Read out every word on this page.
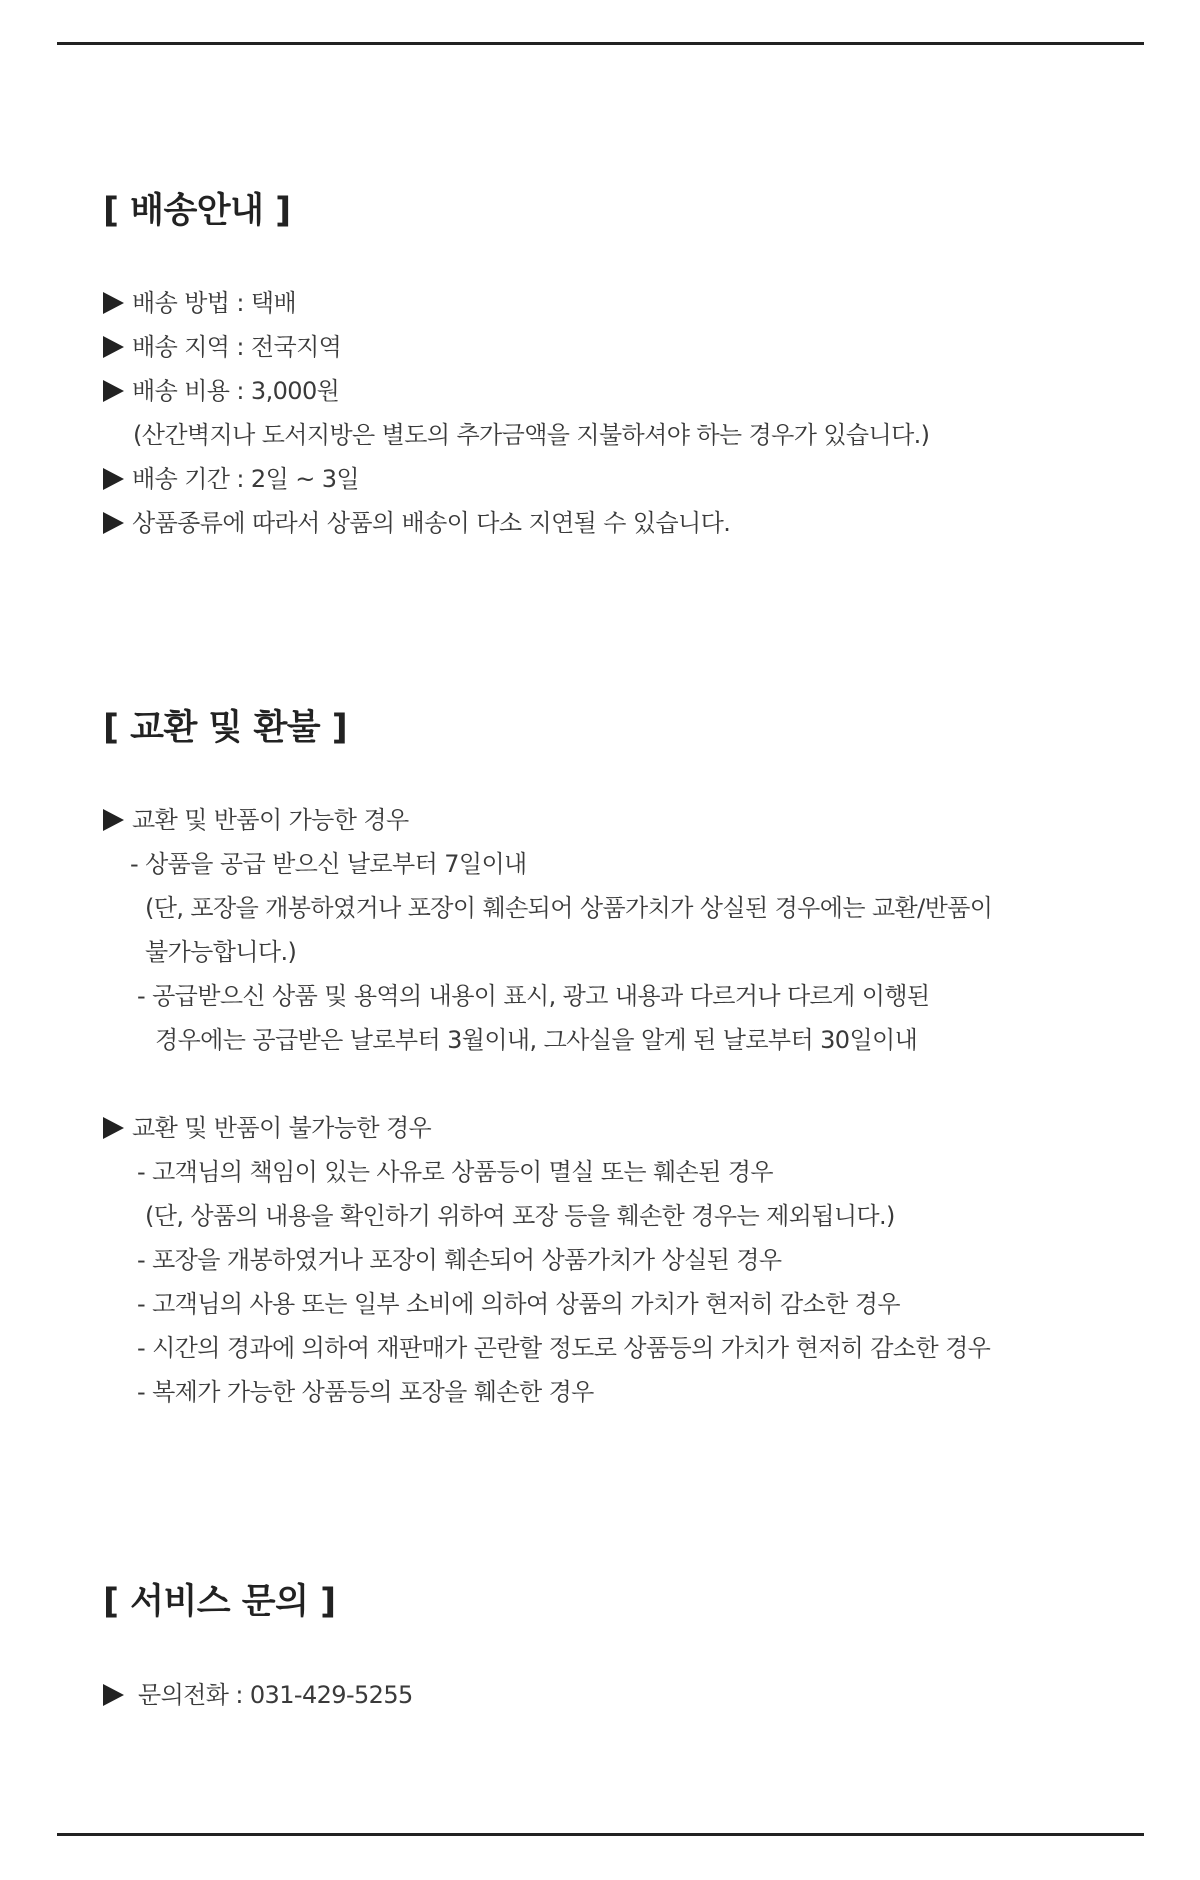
[ 배송안내 ]

배송 방법 : 택배

배송 지역 : 전국지역

배송 비용 : 3,000원

(산간벽지나 도서지방은 별도의 추가금액을 지불하셔야 하는 경우가 있습니다.)

배송 기간 : 2일 ~ 3일

상품종류에 따라서 상품의 배송이 다소 지연될 수 있습니다.

[ 교환 및 환불 ]

교환 및 반품이 가능한 경우

- 상품을 공급 받으신 날로부터 7일이내

(단, 포장을 개봉하였거나 포장이 훼손되어 상품가치가 상실된 경우에는 교환/반품이

불가능합니다.)

- 공급받으신 상품 및 용역의 내용이 표시, 광고 내용과 다르거나 다르게 이행된

경우에는 공급받은 날로부터 3월이내, 그사실을 알게 된 날로부터 30일이내

교환 및 반품이 불가능한 경우

- 고객님의 책임이 있는 사유로 상품등이 멸실 또는 훼손된 경우

(단, 상품의 내용을 확인하기 위하여 포장 등을 훼손한 경우는 제외됩니다.)

- 포장을 개봉하였거나 포장이 훼손되어 상품가치가 상실된 경우

- 고객님의 사용 또는 일부 소비에 의하여 상품의 가치가 현저히 감소한 경우

- 시간의 경과에 의하여 재판매가 곤란할 정도로 상품등의 가치가 현저히 감소한 경우

- 복제가 가능한 상품등의 포장을 훼손한 경우

[ 서비스 문의 ]

문의전화 : 031-429-5255
